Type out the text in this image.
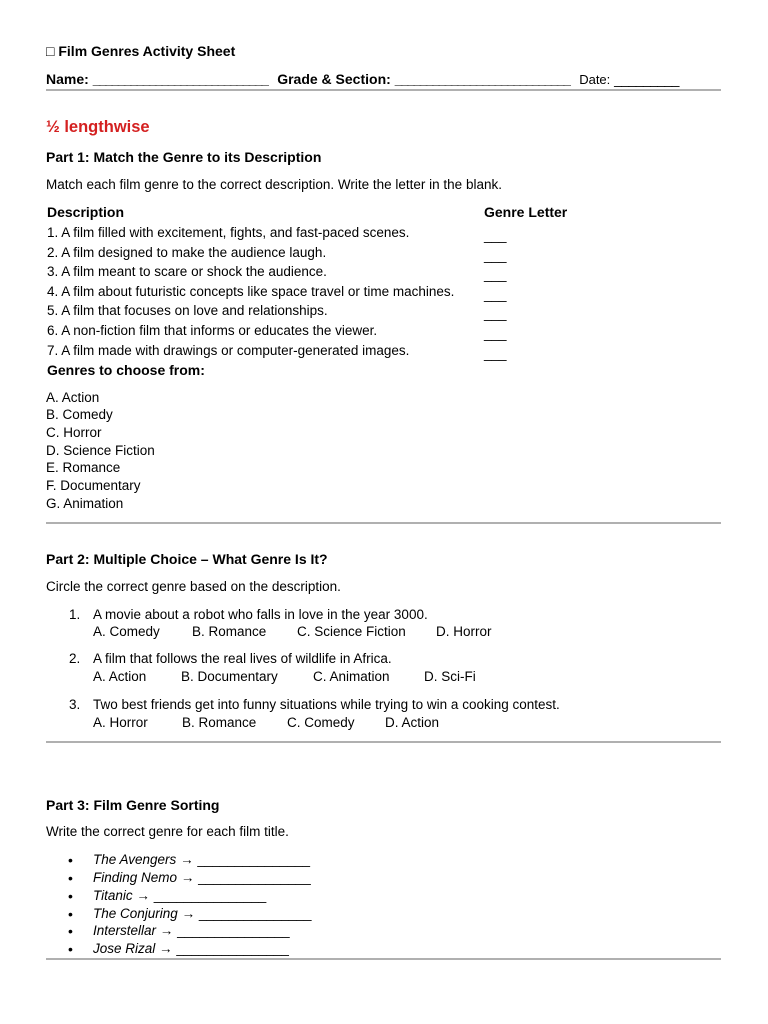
□ Film Genres Activity Sheet
Name: ____________________________ Grade & Section: ____________________________ Date: _________
½ lengthwise
Part 1: Match the Genre to its Description
Match each film genre to the correct description. Write the letter in the blank.
Description	Genre Letter
1. A film filled with excitement, fights, and fast-paced scenes.	___
2. A film designed to make the audience laugh.	___
3. A film meant to scare or shock the audience.	___
4. A film about futuristic concepts like space travel or time machines. ___
5. A film that focuses on love and relationships.	___
6. A non-fiction film that informs or educates the viewer.	___
7. A film made with drawings or computer-generated images.	___
Genres to choose from:
A. Action
B. Comedy
C. Horror
D. Science Fiction
E. Romance
F. Documentary
G. Animation
Part 2: Multiple Choice – What Genre Is It?
Circle the correct genre based on the description.
1. A movie about a robot who falls in love in the year 3000.
A. Comedy B. Romance C. Science Fiction D. Horror
2. A film that follows the real lives of wildlife in Africa.
A. Action	B. Documentary	C. Animation	D. Sci-Fi
3. Two best friends get into funny situations while trying to win a cooking contest.
A. Horror	B. Romance C. Comedy D. Action
Part 3: Film Genre Sorting
Write the correct genre for each film title.
• The Avengers → _______________
• Finding Nemo → _______________
• Titanic → _______________
• The Conjuring → _______________
• Interstellar → _______________
• Jose Rizal → _______________
